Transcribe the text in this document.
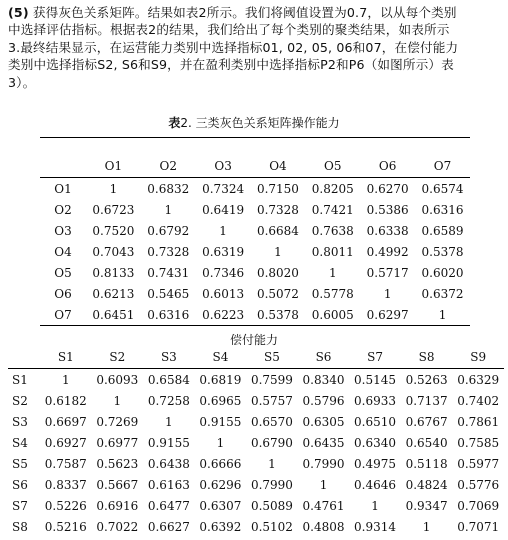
(5) 获得灰色关系矩阵。结果如表2所示。我们将阈值设置为0.7，以从每个类别
中选择评估指标。根据表2的结果，我们给出了每个类别的聚类结果，如表所示
3.最终结果显示，在运营能力类别中选择指标01, 02, 05, 06和07，在偿付能力
类别中选择指标S2, S6和S9，并在盈利类别中选择指标P2和P6（如图所示）表
3）。
表2. 三类灰色关系矩阵操作能力
	O1	O2	O3	O4	O5	O6	O7
O1	1	0.6832	0.7324	0.7150	0.8205	0.6270	0.6574
O2	0.6723	1	0.6419	0.7328	0.7421	0.5386	0.6316
O3	0.7520	0.6792	1	0.6684	0.7638	0.6338	0.6589
O4	0.7043	0.7328	0.6319	1	0.8011	0.4992	0.5378
O5	0.8133	0.7431	0.7346	0.8020	1	0.5717	0.6020
O6	0.6213	0.5465	0.6013	0.5072	0.5778	1	0.6372
O7	0.6451	0.6316	0.6223	0.5378	0.6005	0.6297	1
偿付能力
	S1	S2	S3	S4	S5	S6	S7	S8	S9
S1	1	0.6093	0.6584	0.6819	0.7599	0.8340	0.5145	0.5263	0.6329
S2	0.6182	1	0.7258	0.6965	0.5757	0.5796	0.6933	0.7137	0.7402
S3	0.6697	0.7269	1	0.9155	0.6570	0.6305	0.6510	0.6767	0.7861
S4	0.6927	0.6977	0.9155	1	0.6790	0.6435	0.6340	0.6540	0.7585
S5	0.7587	0.5623	0.6438	0.6666	1	0.7990	0.4975	0.5118	0.5977
S6	0.8337	0.5667	0.6163	0.6296	0.7990	1	0.4646	0.4824	0.5776
S7	0.5226	0.6916	0.6477	0.6307	0.5089	0.4761	1	0.9347	0.7069
S8	0.5216	0.7022	0.6627	0.6392	0.5102	0.4808	0.9314	1	0.7071
